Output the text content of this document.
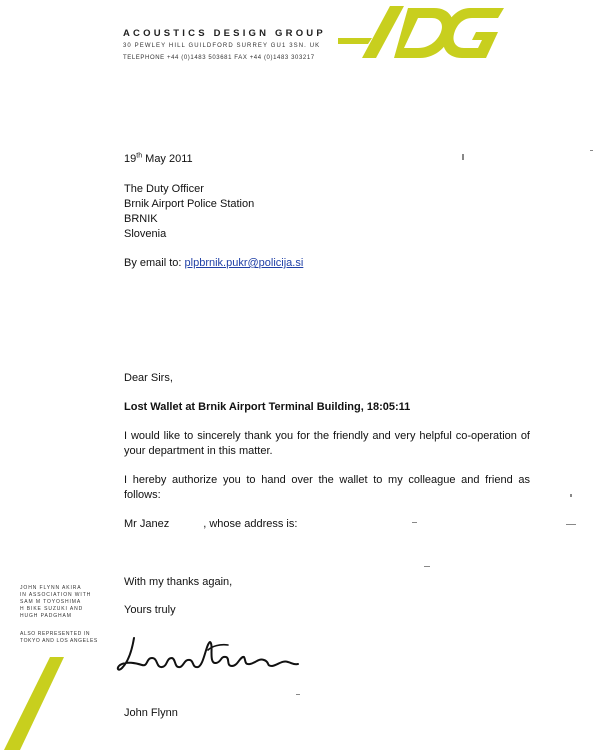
ACOUSTICS DESIGN GROUP
30 PEWLEY HILL GUILDFORD SURREY GU1 3SN. UK
TELEPHONE +44 (0)1483 503681 FAX +44 (0)1483 303217
19th May 2011
The Duty Officer
Brnik Airport Police Station
BRNIK
Slovenia
By email to: plpbrnik.pukr@policija.si
Dear Sirs,
Lost Wallet at Brnik Airport Terminal Building, 18:05:11
I would like to sincerely thank you for the friendly and very helpful co-operation of your department in this matter.
I hereby authorize you to hand over the wallet to my colleague and friend as follows:
Mr Janez	, whose address is:
With my thanks again,
Yours truly
John Flynn
JOHN FLYNN AKIRA
IN ASSOCIATION WITH
SAM M TOYOSHIMA
H BIKE SUZUKI AND
HUGH PADGHAM
ALSO REPRESENTED IN
TOKYO AND LOS ANGELES
